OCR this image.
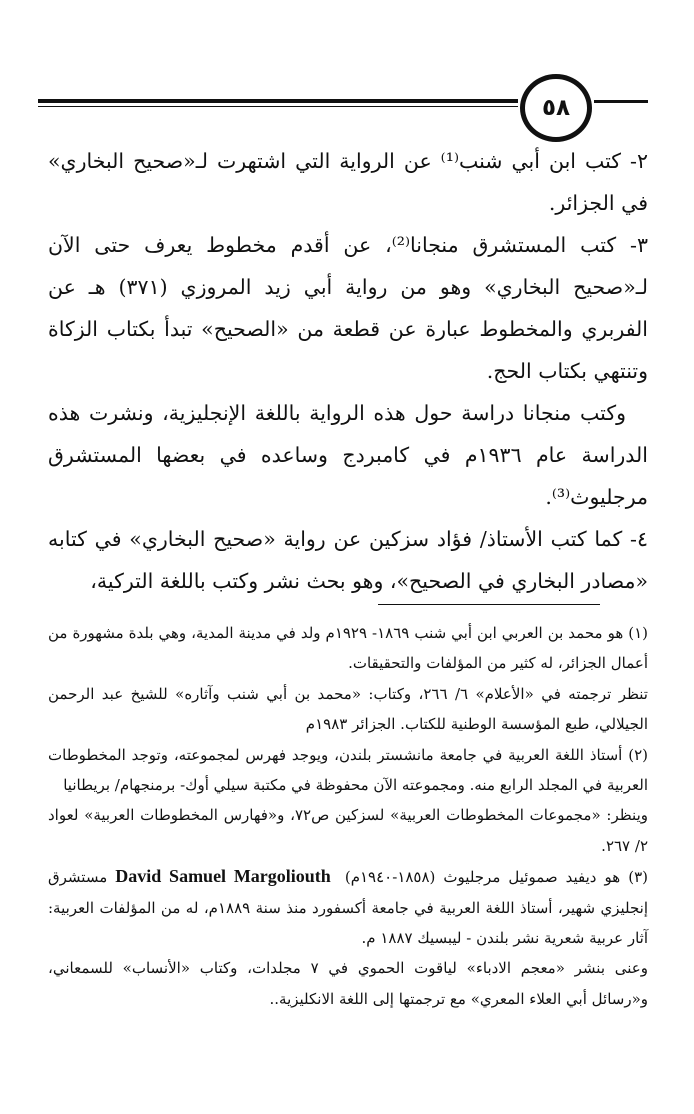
٥٨

٢- كتب ابن أبي شنب⁽¹⁾ عن الرواية التي اشتهرت لـ«صحيح البخاري» في الجزائر.

٣- كتب المستشرق منجانا⁽²⁾، عن أقدم مخطوط يعرف حتى الآن لـ«صحيح البخاري» وهو من رواية أبي زيد المروزي (٣٧١) هـ عن الفربري والمخطوط عبارة عن قطعة من «الصحيح» تبدأ بكتاب الزكاة وتنتهي بكتاب الحج.

وكتب منجانا دراسة حول هذه الرواية باللغة الإنجليزية، ونشرت هذه الدراسة عام ١٩٣٦م في كامبردج وساعده في بعضها المستشرق مرجليوث⁽³⁾.

٤- كما كتب الأستاذ/ فؤاد سزكين عن رواية «صحيح البخاري» في كتابه «مصادر البخاري في الصحيح»، وهو بحث نشر وكتب باللغة التركية،

(١) هو محمد بن العربي ابن أبي شنب ١٨٦٩- ١٩٢٩م ولد في مدينة المدية، وهي بلدة مشهورة من أعمال الجزائر، له كثير من المؤلفات والتحقيقات.

تنظر ترجمته في «الأعلام» ٦/ ٢٦٦، وكتاب: «محمد بن أبي شنب وآثاره» للشيخ عبد الرحمن الجيلالي، طبع المؤسسة الوطنية للكتاب. الجزائر ١٩٨٣م

(٢) أستاذ اللغة العربية في جامعة مانشستر بلندن، ويوجد فهرس لمجموعته، وتوجد المخطوطات العربية في المجلد الرابع منه. ومجموعته الآن محفوظة في مكتبة سيلي أوك- برمنجهام/ بريطانيا

وينظر: «مجموعات المخطوطات العربية» لسزكين ص٧٢، و«فهارس المخطوطات العربية» لعواد ٢/ ٢٦٧.

(٣) هو ديفيد صموئيل مرجليوث (١٨٥٨-١٩٤٠م) David Samuel Margoliouth مستشرق إنجليزي شهير، أستاذ اللغة العربية في جامعة أكسفورد منذ سنة ١٨٨٩م، له من المؤلفات العربية: آثار عربية شعرية نشر بلندن - ليبسيك ١٨٨٧ م.

وعنى بنشر «معجم الادباء» لياقوت الحموي في ٧ مجلدات، وكتاب «الأنساب» للسمعاني، و«رسائل أبي العلاء المعري» مع ترجمتها إلى اللغة الانكليزية..
